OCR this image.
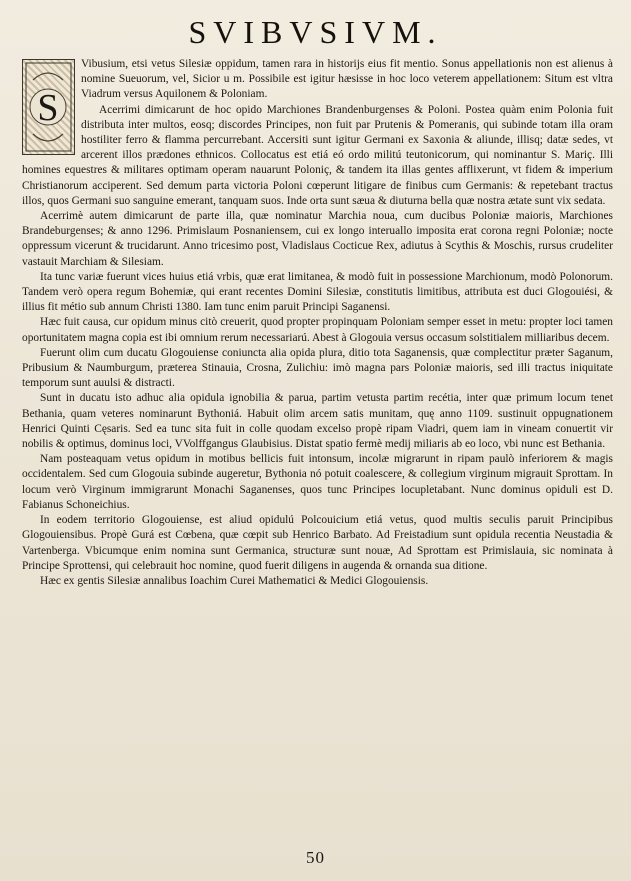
SVIBVSIVM.
S

Vibusium, etsi vetus Silesiæ oppidum, tamen rara in historijs eius fit mentio. Sonus appellationis non est alienus à nomine Sueuorum, vel, Sicior u m. Possibile est igitur hæsisse in hoc loco veterem appellationem: Situm est vltra Viadrum versus Aquilonem & Poloniam.

Acerrimi dimicarunt de hoc opido Marchiones Brandenburgenses & Poloni. Postea quàm enim Polonia fuit distributa inter multos, eosq; discordes Principes, non fuit par Prutenis & Pomeranis, qui subinde totam illa oram hostiliter ferro & flamma percurrebant. Accersiti sunt igitur Germani ex Saxonia & aliunde, illisq; datæ sedes, vt arcerent illos prædones ethnicos. Collocatus est etiá eó ordo militú teutonicorum, qui nominantur S. Mariç. Illi homines equestres & militares optimam operam nauarunt Poloniç, & tandem ita illas gentes afflixerunt, vt fidem & imperium Christianorum acciperent. Sed demum parta victoria Poloni cœperunt litigare de finibus cum Germanis: & repetebant tractus illos, quos Germani suo sanguine emerant, tanquam suos. Inde orta sunt sæua & diuturna bella quæ nostra ætate sunt vix sedata.

Acerrimè autem dimicarunt de parte illa, quæ nominatur Marchia noua, cum ducibus Poloniæ maioris, Marchiones Brandeburgenses; & anno 1296. Primislaum Posnaniensem, cui ex longo interuallo imposita erat corona regni Poloniæ; nocte oppressum vicerunt & trucidarunt. Anno tricesimo post, Vladislaus Cocticue Rex, adiutus à Scythis & Moschis, rursus crudeliter vastauit Marchiam & Silesiam.

Ita tunc variæ fuerunt vices huius etiá vrbis, quæ erat limitanea, & modò fuit in possessione Marchionum, modò Polonorum. Tandem verò opera regum Bohemiæ, qui erant recentes Domini Silesiæ, constitutis limitibus, attributa est duci Glogouiési, & illius fit métio sub annum Christi 1380. Iam tunc enim paruit Principi Saganensi.

Hæc fuit causa, cur opidum minus citò creuerit, quod propter propinquam Poloniam semper esset in metu: propter loci tamen oportunitatem magna copia est ibi omnium rerum necessariarú. Abest à Glogouia versus occasum solstitialem milliaribus decem.

Fuerunt olim cum ducatu Glogouiense coniuncta alia opida plura, ditio tota Saganensis, quæ complectitur præter Saganum, Pribusium & Naumburgum, præterea Stinauia, Crosna, Zulichiu: imò magna pars Poloniæ maioris, sed illi tractus iniquitate temporum sunt auulsi & distracti.

Sunt in ducatu isto adhuc alia opidula ignobilia & parua, partim vetusta partim recétia, inter quæ primum locum tenet Bethania, quam veteres nominarunt Bythoniá. Habuit olim arcem satis munitam, quę anno 1109. sustinuit oppugnationem Henrici Quinti Cęsaris. Sed ea tunc sita fuit in colle quodam excelso propè ripam Viadri, quem iam in vineam conuertit vir nobilis & optimus, dominus loci, VVolffgangus Glaubisius. Distat spatio fermè medij miliaris ab eo loco, vbi nunc est Bethania.

Nam posteaquam vetus opidum in motibus bellicis fuit intonsum, incolæ migrarunt in ripam paulò inferiorem & magis occidentalem. Sed cum Glogouia subinde augeretur, Bythonia nó potuit coalescere, & collegium virginum migrauit Sprottam. In locum verò Virginum immigrarunt Monachi Saganenses, quos tunc Principes locupletabant. Nunc dominus opiduli est D. Fabianus Schoneichius.

In eodem territorio Glogouiense, est aliud opidulú Polcouicium etiá vetus, quod multis seculis paruit Principibus Glogouiensibus. Propè Gurá est Cœbena, quæ cœpit sub Henrico Barbato. Ad Freistadium sunt opidula recentia Neustadia & Vartenberga. Vbicumque enim nomina sunt Germanica, structuræ sunt nouæ, Ad Sprottam est Primislauia, sic nominata à Principe Sprottensi, qui celebrauit hoc nomine, quod fuerit diligens in augenda & ornanda sua ditione.

Hæc ex gentis Silesiæ annalibus Ioachim Curei Mathematici & Medici Glogouiensis.

50
